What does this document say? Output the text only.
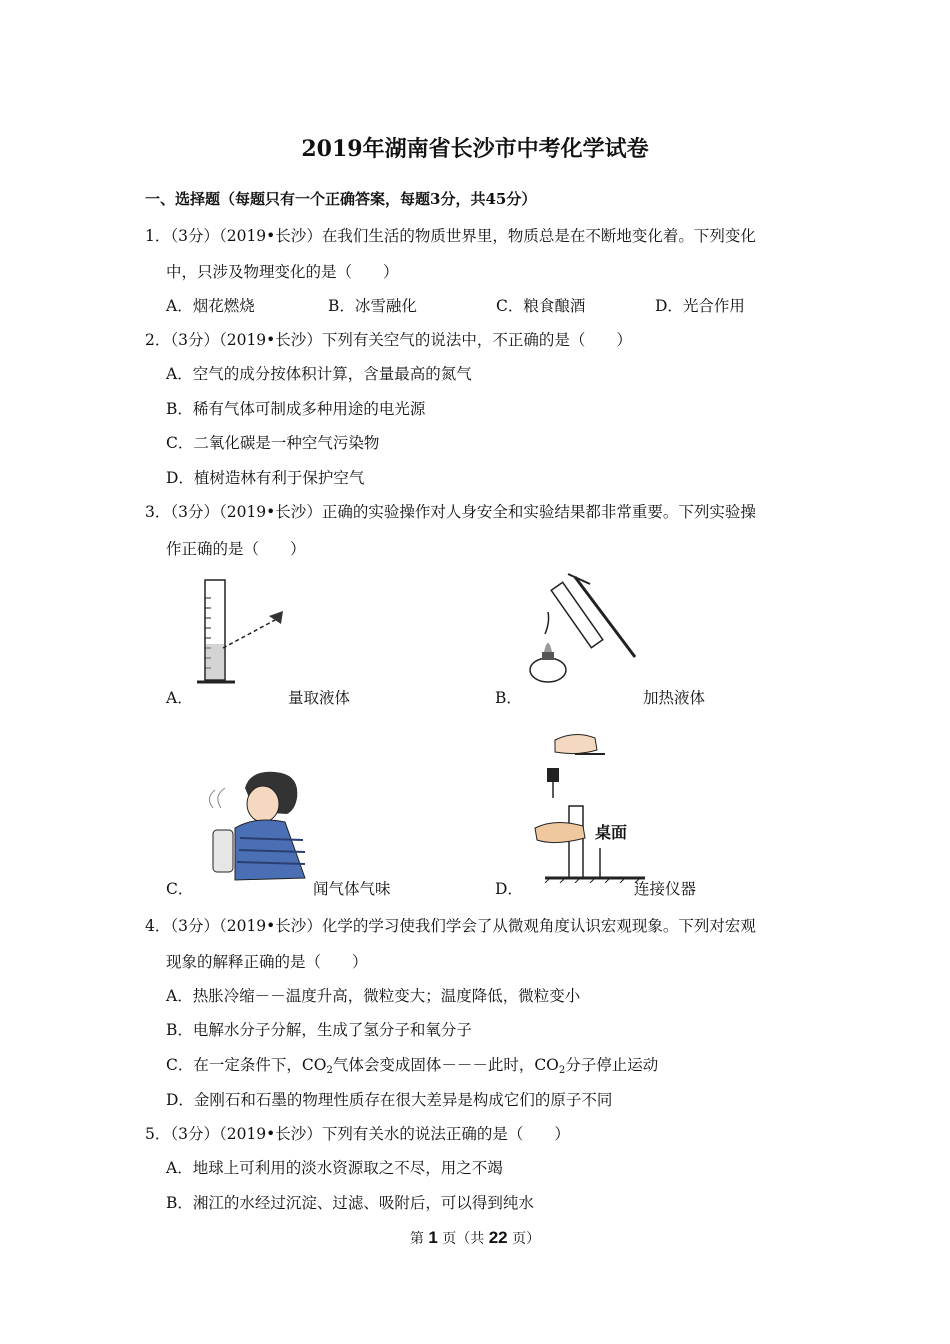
2019年湖南省长沙市中考化学试卷
一、选择题（每题只有一个正确答案，每题3分，共45分）
1．（3分）（2019•长沙）在我们生活的物质世界里，物质总是在不断地变化着。下列变化
中，只涉及物理变化的是（　　）
A．烟花燃烧	B．冰雪融化	C．粮食酿酒	D．光合作用
2．（3分）（2019•长沙）下列有关空气的说法中，不正确的是（　　）
A．空气的成分按体积计算，含量最高的氮气
B．稀有气体可制成多种用途的电光源
C．二氧化碳是一种空气污染物
D．植树造林有利于保护空气
3．（3分）（2019•长沙）正确的实验操作对人身安全和实验结果都非常重要。下列实验操
作正确的是（　　）
A．	量取液体	B．	加热液体
C．	闻气体气味
桌面
D．	连接仪器
4．（3分）（2019•长沙）化学的学习使我们学会了从微观角度认识宏观现象。下列对宏观
现象的解释正确的是（　　）
A．热胀冷缩－－温度升高，微粒变大；温度降低，微粒变小
B．电解水分子分解，生成了氢分子和氧分子
C．在一定条件下，$CO_2$气体会变成固体－－－此时，$CO_2$分子停止运动
D．金刚石和石墨的物理性质存在很大差异是构成它们的原子不同
5．（3分）（2019•长沙）下列有关水的说法正确的是（　　）
A．地球上可利用的淡水资源取之不尽，用之不竭
B．湘江的水经过沉淀、过滤、吸附后，可以得到纯水
第 1 页（共 22 页）
